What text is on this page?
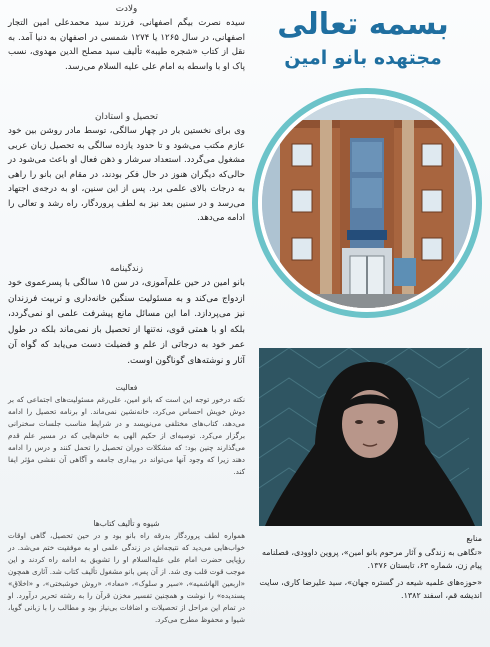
ولادت

سیده نصرت بیگم اصفهانی، فرزند سید محمدعلی امین التجار اصفهانی، در سال ۱۲۶۵ یا ۱۲۷۴ شمسی در اصفهان به دنیا آمد. به نقل از کتاب «شجره طیبه» تألیف سید مصلح الدین مهدوی، نسب پاک او با واسطه به امام علی علیه السلام می‌رسد.

تحصیل و استادان

وی برای نخستین بار در چهار سالگی، توسط مادر روشن بین خود عازم مکتب می‌شود و تا حدود یازده سالگی به تحصیل زبان عربی مشغول می‌گردد. استعداد سرشار و ذهن فعال او باعث می‌شود در حالی‌که دیگران هنوز در حال فکر بودند، در مقام این بانو را راهی به درجات بالای علمی برد. پس از این سنین، او به درجه‌ی اجتهاد می‌رسد و در سنین بعد نیز به لطف پروردگار، راه رشد و تعالی را ادامه می‌دهد.

زندگینامه

بانو امین در حین علم‌آموزی، در سن ۱۵ سالگی با پسرعموی خود ازدواج می‌کند و به مسئولیت سنگین خانه‌داری و تربیت فرزندان نیز می‌پردازد. اما این مسائل مانع پیشرفت علمی او نمی‌گردد، بلکه او با همتی قوی، نه‌تنها از تحصیل باز نمی‌ماند بلکه در طول عمر خود به درجاتی از علم و فضیلت دست می‌یابد که گواه آن آثار و نوشته‌های گوناگون اوست.

فعالیت

نکته درخور توجه این است که بانو امین، علی‌رغم مسئولیت‌های اجتماعی که بر دوش خویش احساس می‌کرد، خانه‌نشین نمی‌ماند. او برنامه تحصیل را ادامه می‌دهد، کتاب‌های مختلفی می‌نویسد و در شرایط مناسب جلسات سخنرانی برگزار می‌کرد. توصیه‌ای از حکیم الهی به خانم‌هایی که در مسیر علم قدم می‌گذارند چنین بود: که مشکلات دوران تحصیل را تحمل کنند و درس را ادامه دهند زیرا که وجود آنها می‌تواند در بیداری جامعه و آگاهی آن نقشی مؤثر ایفا کند.

شیوه و تألیف کتاب‌ها

همواره لطف پروردگار بدرقه راه بانو بود و در حین تحصیل، گاهی اوقات خواب‌هایی می‌دید که نتیجه‌اش در زندگی علمی او به موفقیت ختم می‌شد. در رؤیایی حضرت امام علی علیه‌السلام او را تشویق به ادامه راه کردند و این موجب قوت قلب وی شد. از آن پس بانو مشغول تألیف کتاب شد. آثاری همچون «اربعین الهاشمیه»، «سیر و سلوک»، «معاد»، «روش خوشبختی»، و «اخلاق» پسندیده» را نوشت و همچنین تفسیر مخزن قرآن را به رشته تحریر درآورد. او در تمام این مراحل از تحصیلات و اضافات بی‌نیاز بود و مطالب را با زبانی گویا، شیوا و محفوظ مطرح می‌کرد.

بسمه تعالی
مجتهده بانو امین
منابع
«نگاهی به زندگی و آثار مرحوم بانو امین»، پروین داوودی، فصلنامه پیام زن، شماره ۶۳، تابستان ۱۳۷۶.
«حوزه‌های علمیه شیعه در گستره جهان»، سید علیرضا کاری، سایت اندیشه قم، اسفند ۱۳۸۲.
